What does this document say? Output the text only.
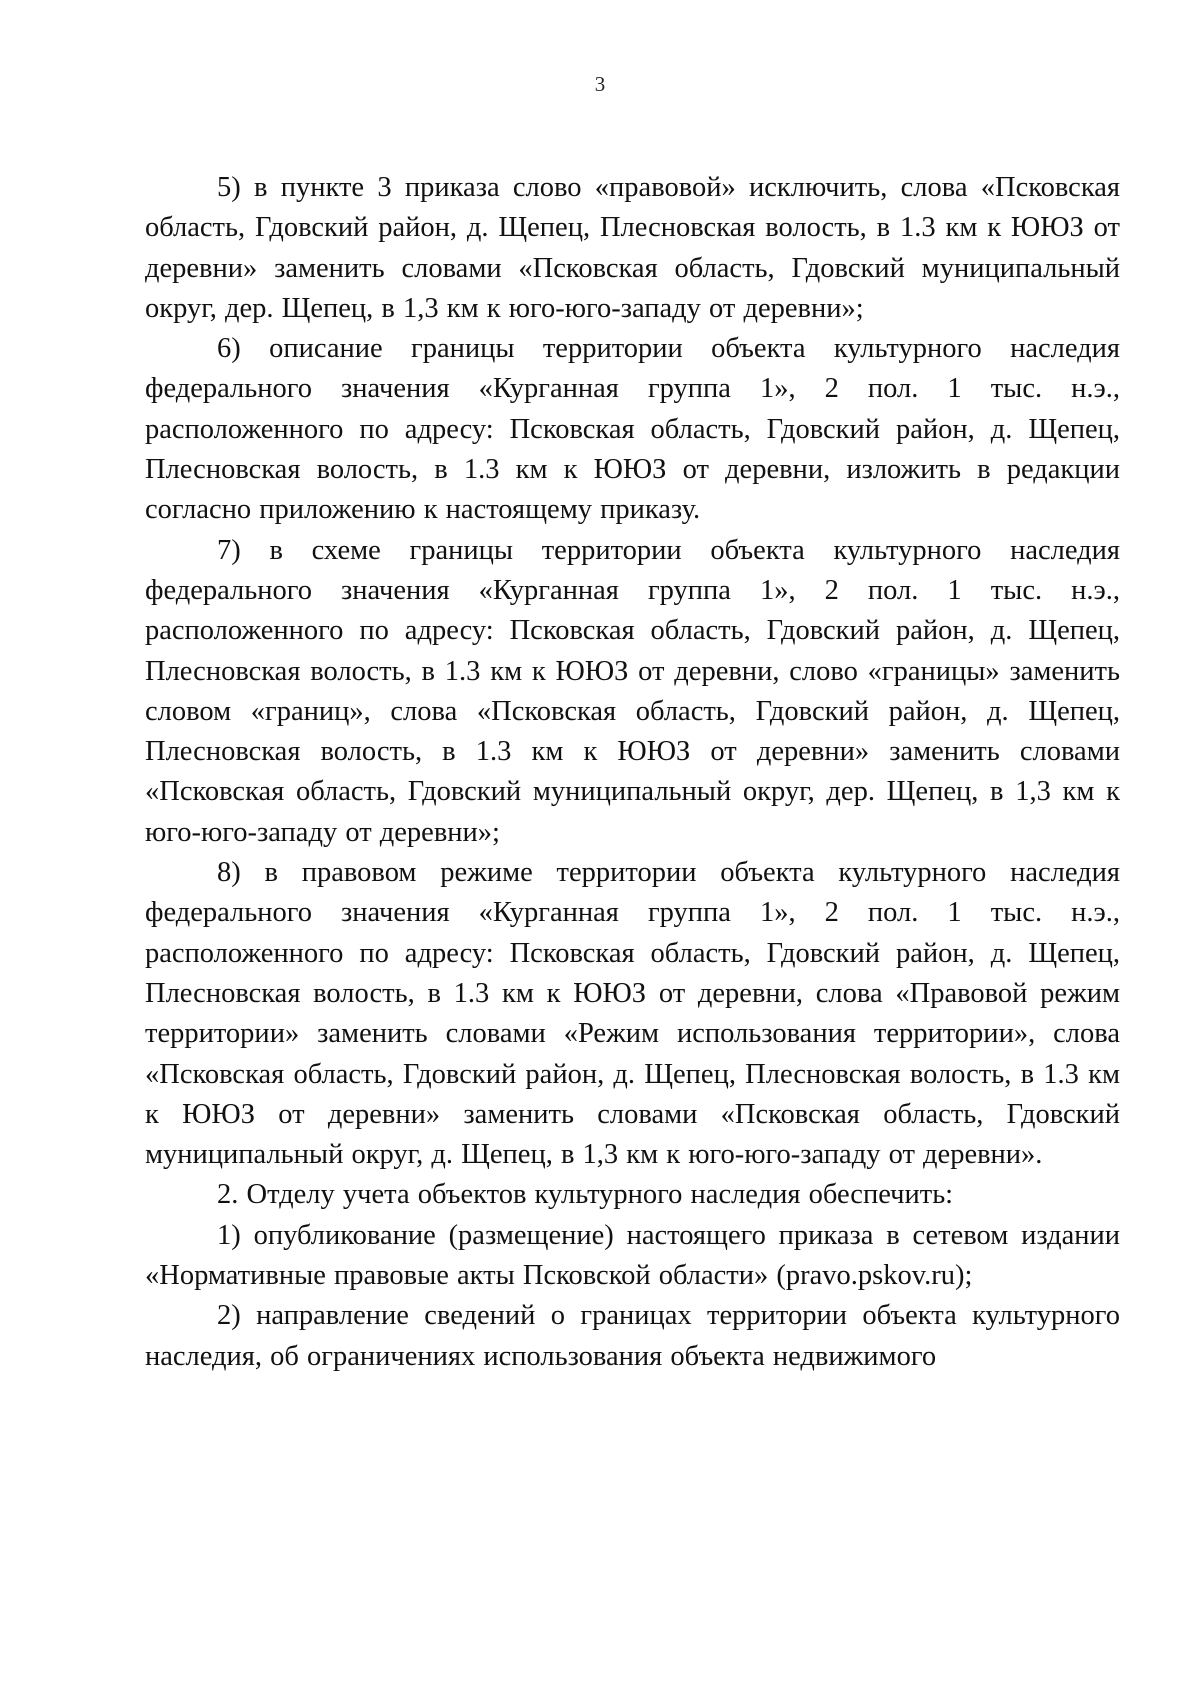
3

5) в пункте 3 приказа слово «правовой» исключить, слова «Псковская область, Гдовский район, д. Щепец, Плесновская волость, в 1.3 км к ЮЮЗ от деревни» заменить словами «Псковская область, Гдовский муниципальный округ, дер. Щепец, в 1,3 км к юго-юго-западу от деревни»;

6) описание границы территории объекта культурного наследия федерального значения «Курганная группа 1», 2 пол. 1 тыс. н.э., расположенного по адресу: Псковская область, Гдовский район, д. Щепец, Плесновская волость, в 1.3 км к ЮЮЗ от деревни, изложить в редакции согласно приложению к настоящему приказу.

7) в схеме границы территории объекта культурного наследия федерального значения «Курганная группа 1», 2 пол. 1 тыс. н.э., расположенного по адресу: Псковская область, Гдовский район, д. Щепец, Плесновская волость, в 1.3 км к ЮЮЗ от деревни, слово «границы» заменить словом «границ», слова «Псковская область, Гдовский район, д. Щепец, Плесновская волость, в 1.3 км к ЮЮЗ от деревни» заменить словами «Псковская область, Гдовский муниципальный округ, дер. Щепец, в 1,3 км к юго-юго-западу от деревни»;

8) в правовом режиме территории объекта культурного наследия федерального значения «Курганная группа 1», 2 пол. 1 тыс. н.э., расположенного по адресу: Псковская область, Гдовский район, д. Щепец, Плесновская волость, в 1.3 км к ЮЮЗ от деревни, слова «Правовой режим территории» заменить словами «Режим использования территории», слова «Псковская область, Гдовский район, д. Щепец, Плесновская волость, в 1.3 км к ЮЮЗ от деревни» заменить словами «Псковская область, Гдовский муниципальный округ, д. Щепец, в 1,3 км к юго-юго-западу от деревни».

2. Отделу учета объектов культурного наследия обеспечить:

1) опубликование (размещение) настоящего приказа в сетевом издании «Нормативные правовые акты Псковской области» (pravo.pskov.ru);

2) направление сведений о границах территории объекта культурного наследия, об ограничениях использования объекта недвижимого
